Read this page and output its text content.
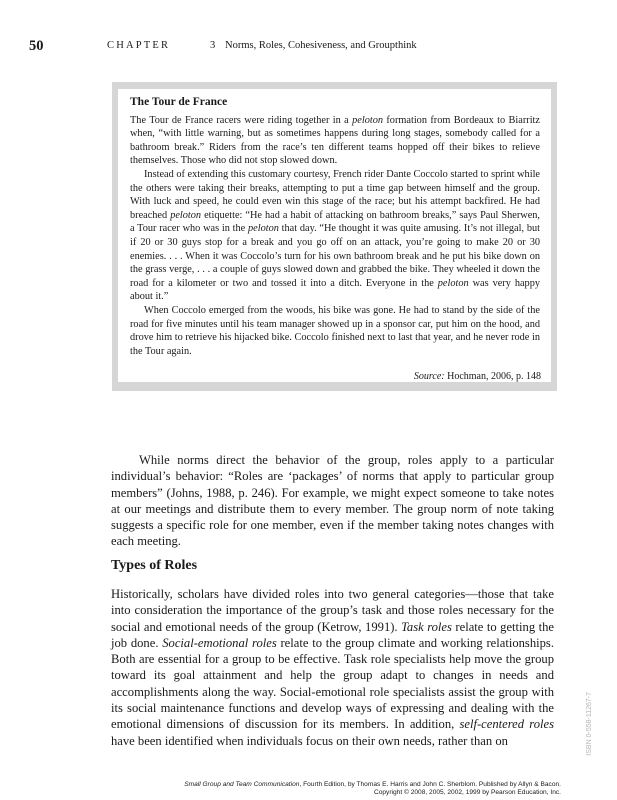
50	CHAPTER	3 Norms, Roles, Cohesiveness, and Groupthink
The Tour de France

The Tour de France racers were riding together in a peloton formation from Bordeaux to Biarritz when, “with little warning, but as sometimes happens during long stages, somebody called for a bathroom break.” Riders from the race’s ten different teams hopped off their bikes to relieve themselves. Those who did not stop slowed down.

Instead of extending this customary courtesy, French rider Dante Coccolo started to sprint while the others were taking their breaks, attempting to put a time gap between himself and the group. With luck and speed, he could even win this stage of the race; but his attempt backfired. He had breached peloton etiquette: “He had a habit of attacking on bathroom breaks,” says Paul Sherwen, a Tour racer who was in the peloton that day. “He thought it was quite amusing. It’s not illegal, but if 20 or 30 guys stop for a break and you go off on an attack, you’re going to make 20 or 30 enemies. . . . When it was Coccolo’s turn for his own bathroom break and he put his bike down on the grass verge, . . . a couple of guys slowed down and grabbed the bike. They wheeled it down the road for a kilometer or two and tossed it into a ditch. Everyone in the peloton was very happy about it.”

When Coccolo emerged from the woods, his bike was gone. He had to stand by the side of the road for five minutes until his team manager showed up in a sponsor car, put him on the hood, and drove him to retrieve his hijacked bike. Coccolo finished next to last that year, and he never rode in the Tour again.

Source: Hochman, 2006, p. 148

While norms direct the behavior of the group, roles apply to a particular individual’s behavior: “Roles are ‘packages’ of norms that apply to particular group members” (Johns, 1988, p. 246). For example, we might expect someone to take notes at our meetings and distribute them to every member. The group norm of note taking suggests a specific role for one member, even if the member taking notes changes with each meeting.

Types of Roles

Historically, scholars have divided roles into two general categories—those that take into consideration the importance of the group’s task and those roles necessary for the social and emotional needs of the group (Ketrow, 1991). Task roles relate to getting the job done. Social-emotional roles relate to the group climate and working relationships. Both are essential for a group to be effective. Task role specialists help move the group toward its goal attainment and help the group adapt to changes in needs and accomplishments along the way. Social-emotional role specialists assist the group with its social maintenance functions and develop ways of expressing and dealing with the emotional dimensions of discussion for its members. In addition, self-centered roles have been identified when individuals focus on their own needs, rather than on	ISBN 0-558-11267-7
Small Group and Team Communication, Fourth Edition, by Thomas E. Harris and John C. Sherblom. Published by Allyn & Bacon.
Copyright © 2008, 2005, 2002, 1999 by Pearson Education, Inc.
